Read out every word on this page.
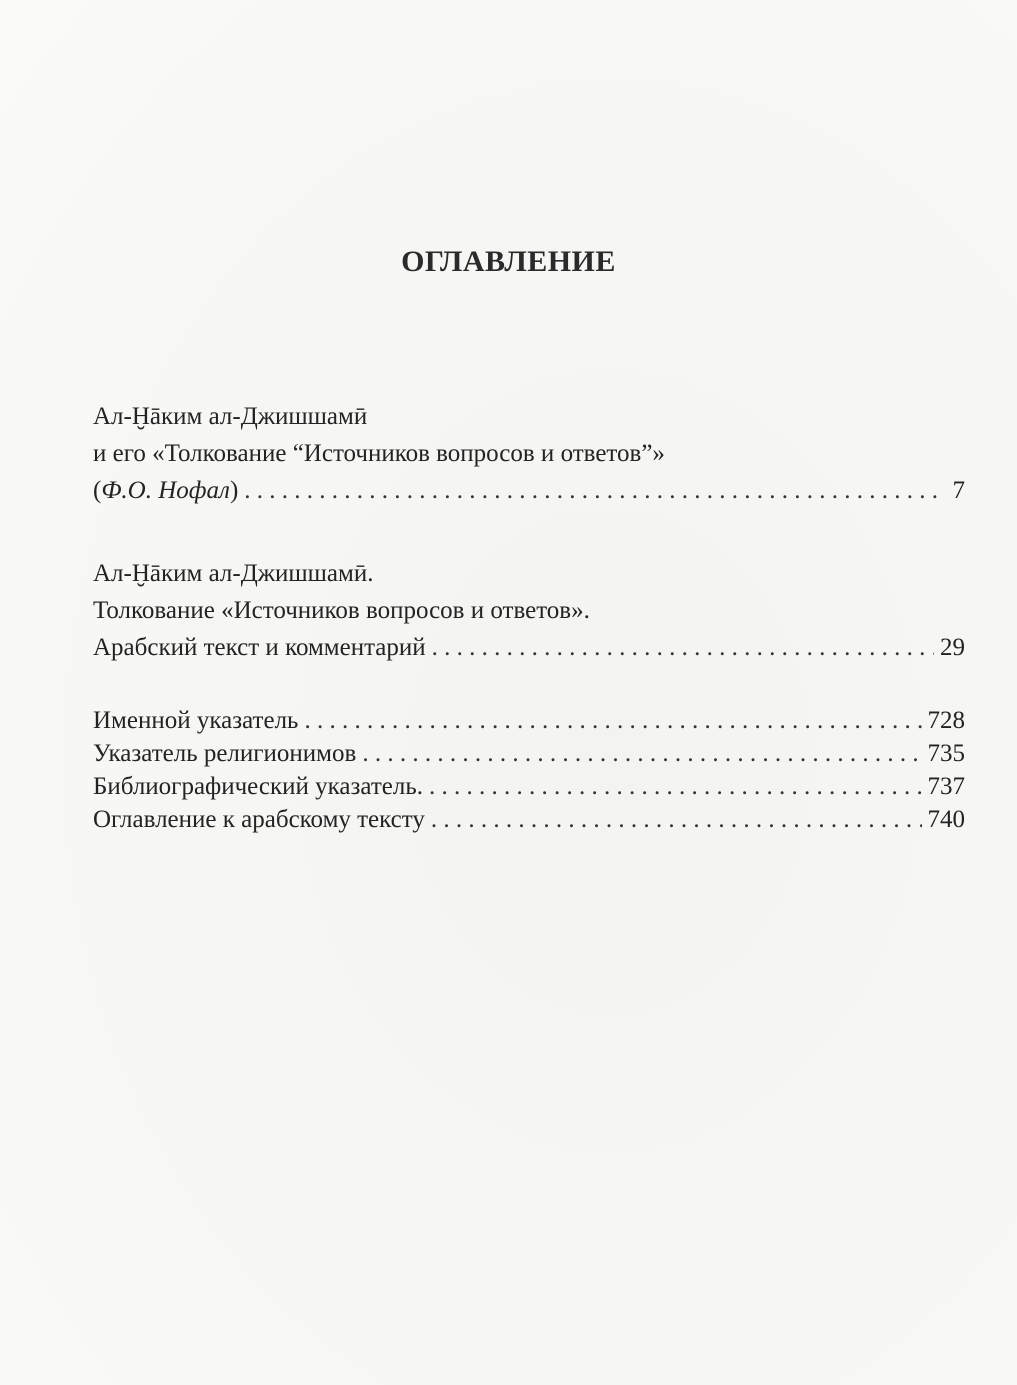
ОГЛАВЛЕНИЕ
Ал-Ḫāким ал-Джишшамӣ
и его «Толкование “Источников вопросов и ответов”»
(Ф.О. Нофал) . . .	7
Ал-Ḫāким ал-Джишшамӣ.
Толкование «Источников вопросов и ответов».
Арабский текст и комментарий . . .	29
Именной указатель . . .	728
Указатель религионимов . . .	735
Библиографический указатель. . . .	737
Оглавление к арабскому тексту . . .	740
